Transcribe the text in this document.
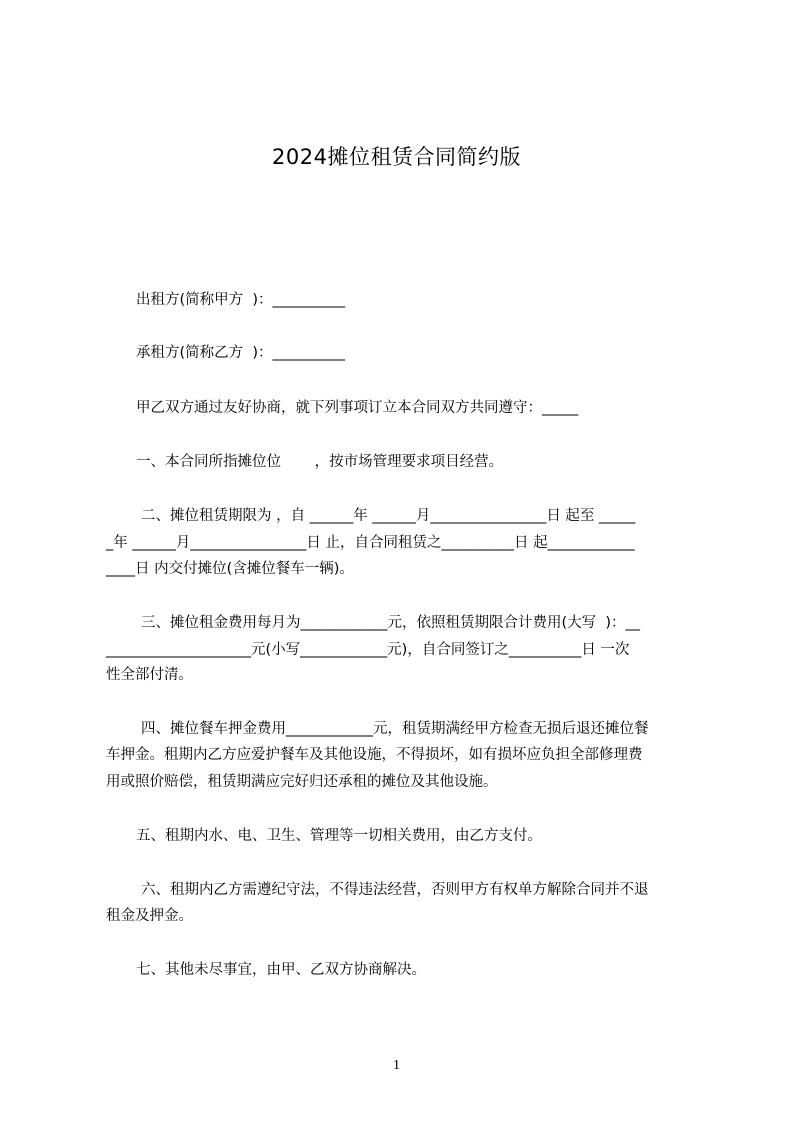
2024摊位租赁合同简约版
出租方(简称甲方  )：__________
承租方(简称乙方  )：__________
甲乙双方通过友好协商，就下列事项订立本合同双方共同遵守：_____
一、本合同所指摊位位　　 ，按市场管理要求项目经营。
二、摊位租赁期限为 ，自 ______年 ______月________________日 起至 _____
_年 ______月________________日 止，自合同租赁之__________日 起____________
____日 内交付摊位(含摊位餐车一辆)。
三、摊位租金费用每月为____________元，依照租赁期限合计费用(大写  )：__
____________________元(小写____________元)，自合同签订之__________日 一次
性全部付清。
四、摊位餐车押金费用____________元，租赁期满经甲方检查无损后退还摊位餐
车押金。租期内乙方应爱护餐车及其他设施，不得损坏，如有损坏应负担全部修理费
用或照价赔偿，租赁期满应完好归还承租的摊位及其他设施。
五、租期内水、电、卫生、管理等一切相关费用，由乙方支付。
六、租期内乙方需遵纪守法，不得违法经营，否则甲方有权单方解除合同并不退
租金及押金。
七、其他未尽事宜，由甲、乙双方协商解决。
1
